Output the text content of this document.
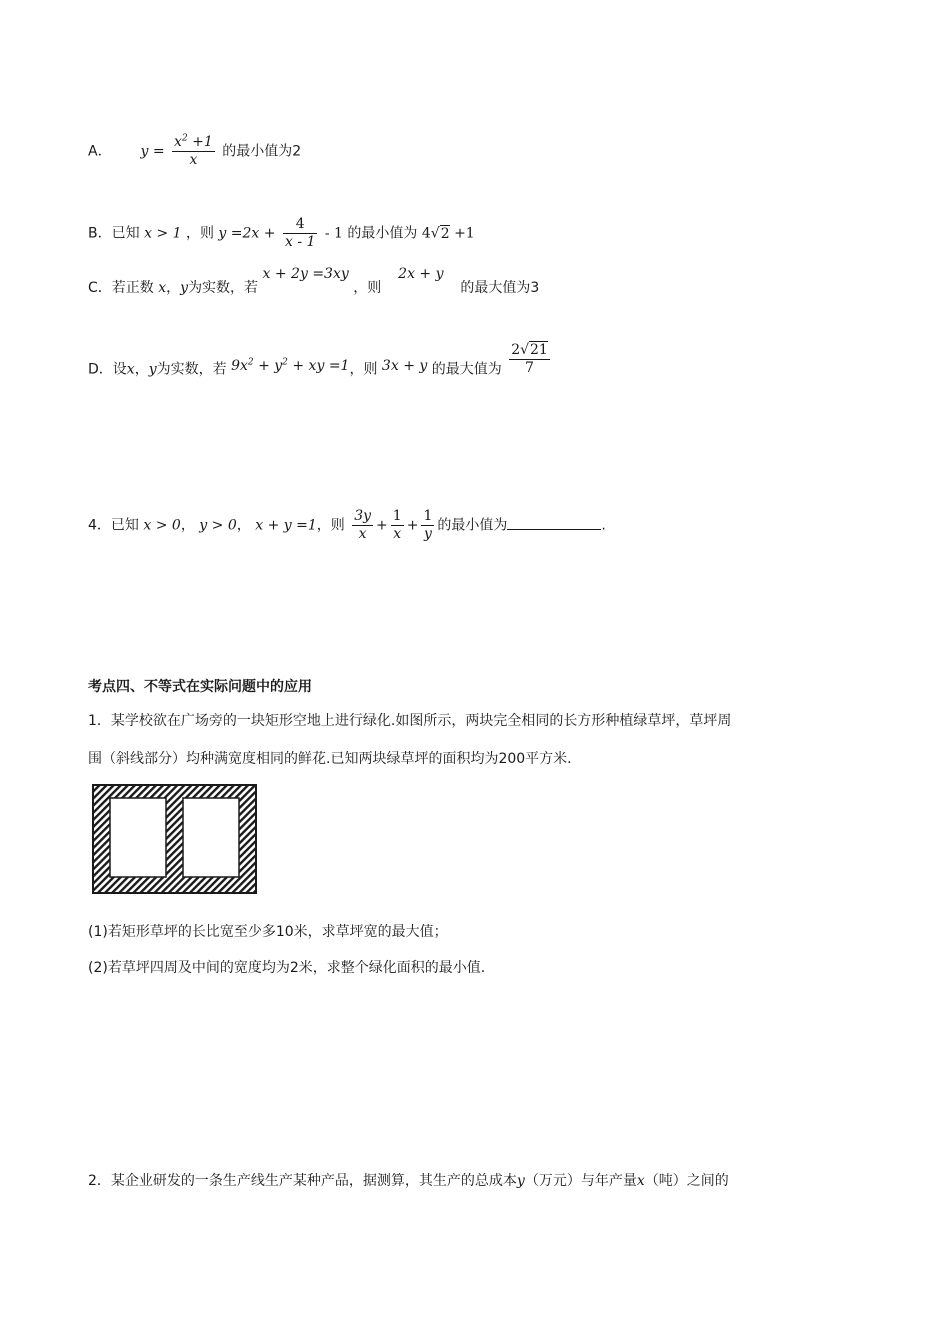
A． $y = \frac{x^2 +1}{x}$ 的最小值为2
B．已知 x > 1 ，则 $y =2x + \frac{4}{x - 1} - 1$ 的最小值为 4√2 +1
C．若正数 x，y为实数，若 x + 2y =3xy ，则  2x + y  的最大值为3
D．设x，y为实数，若 $9x^2 + y^2$ + xy =1，则 3x + y 的最大值为 $\frac{2√21}{7}$
4．已知 x > 0， y > 0， x + y =1，则 $\frac{3y}{x} + \frac{1}{x} + \frac{1}{y}$ 的最小值为	.
考点四、不等式在实际问题中的应用
1．某学校欲在广场旁的一块矩形空地上进行绿化.如图所示，两块完全相同的长方形种植绿草坪，草坪周
围（斜线部分）均种满宽度相同的鲜花.已知两块绿草坪的面积均为200平方米.
(1)若矩形草坪的长比宽至少多10米，求草坪宽的最大值；
(2)若草坪四周及中间的宽度均为2米，求整个绿化面积的最小值.
2．某企业研发的一条生产线生产某种产品，据测算，其生产的总成本y（万元）与年产量x（吨）之间的
